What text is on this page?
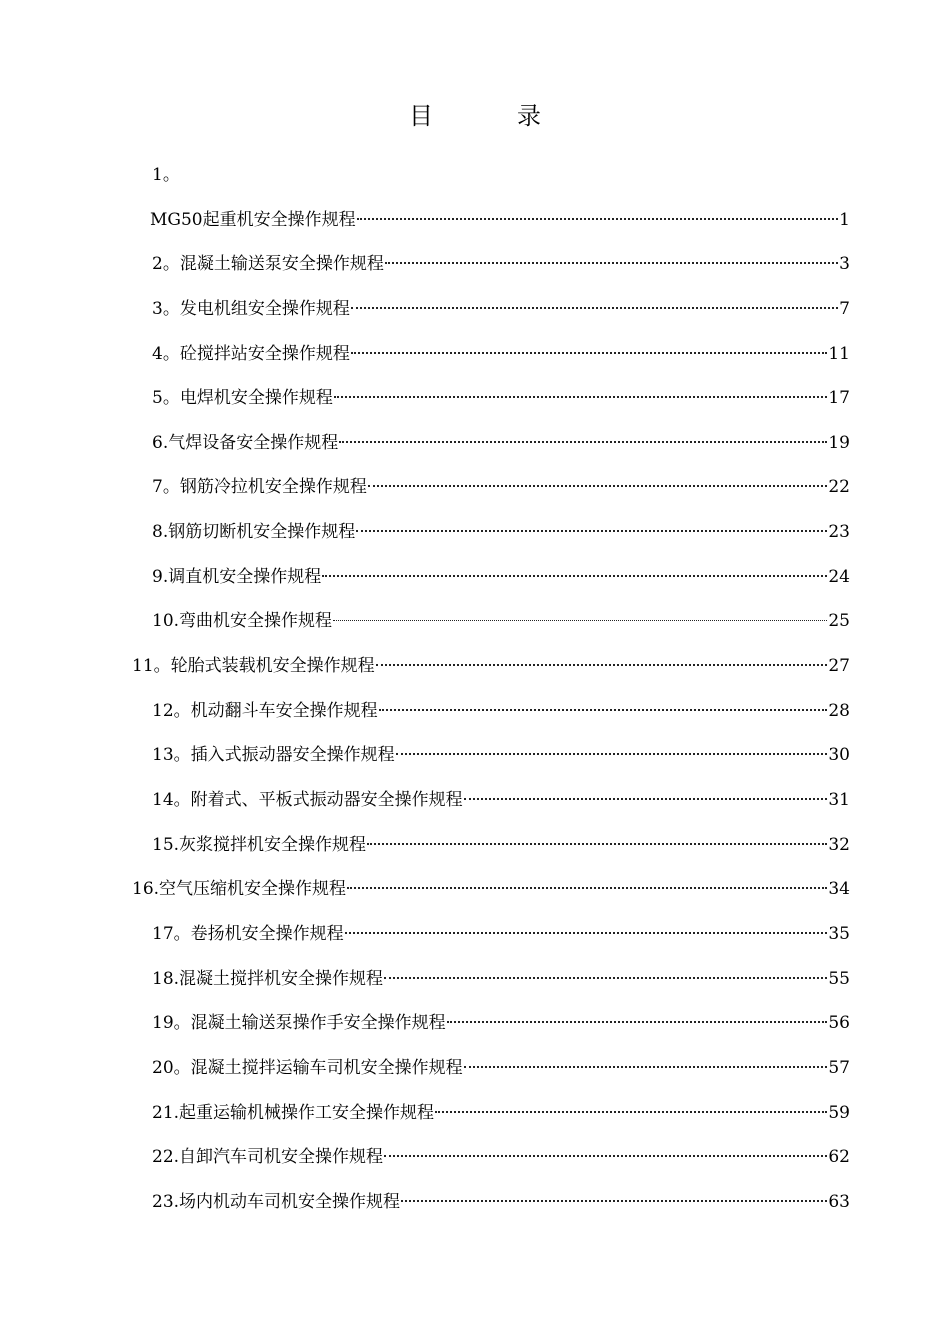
目　录
1。
MG50起重机安全操作规程	1
2。混凝土输送泵安全操作规程	3
3。发电机组安全操作规程	7
4。砼搅拌站安全操作规程	11
5。电焊机安全操作规程	17
6.气焊设备安全操作规程	19
7。钢筋冷拉机安全操作规程	22
8.钢筋切断机安全操作规程	23
9.调直机安全操作规程	24
10.弯曲机安全操作规程	25
11。轮胎式装载机安全操作规程	27
12。机动翻斗车安全操作规程	28
13。插入式振动器安全操作规程	30
14。附着式、平板式振动器安全操作规程	31
15.灰浆搅拌机安全操作规程	32
16.空气压缩机安全操作规程	34
17。卷扬机安全操作规程	35
18.混凝土搅拌机安全操作规程	55
19。混凝土输送泵操作手安全操作规程	56
20。混凝土搅拌运输车司机安全操作规程	57
21.起重运输机械操作工安全操作规程	59
22.自卸汽车司机安全操作规程	62
23.场内机动车司机安全操作规程	63
